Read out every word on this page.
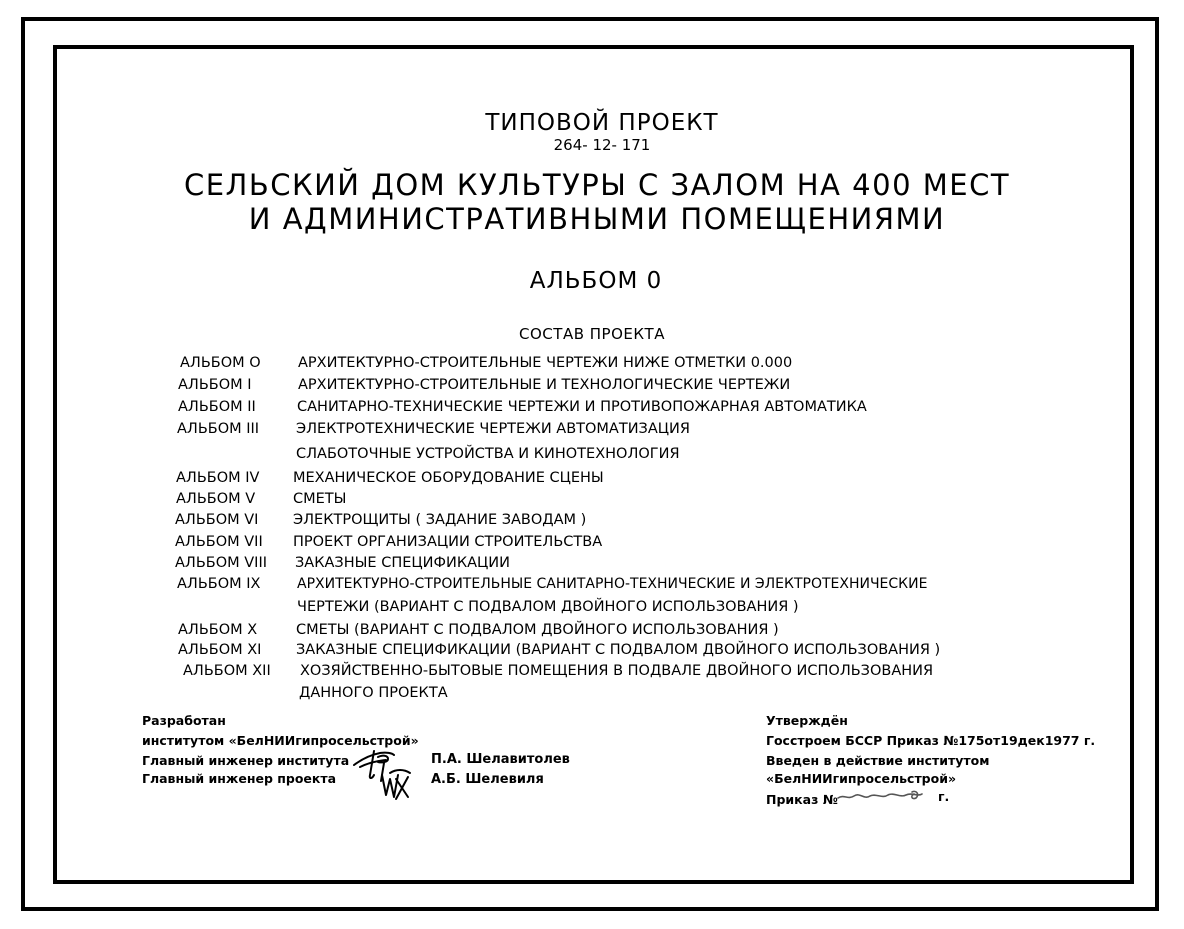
ТИПОВОЙ ПРОЕКТ
264- 12- 171
СЕЛЬСКИЙ ДОМ КУЛЬТУРЫ С ЗАЛОМ НА 400 МЕСТ
И АДМИНИСТРАТИВНЫМИ ПОМЕЩЕНИЯМИ
АЛЬБОМ 0
СОСТАВ ПРОЕКТА
АЛЬБОМ О	АРХИТЕКТУРНО-СТРОИТЕЛЬНЫЕ ЧЕРТЕЖИ НИЖЕ ОТМЕТКИ 0.000
АЛЬБОМ I	АРХИТЕКТУРНО-СТРОИТЕЛЬНЫЕ И ТЕХНОЛОГИЧЕСКИЕ ЧЕРТЕЖИ
АЛЬБОМ II	САНИТАРНО-ТЕХНИЧЕСКИЕ ЧЕРТЕЖИ И ПРОТИВОПОЖАРНАЯ АВТОМАТИКА
АЛЬБОМ III	ЭЛЕКТРОТЕХНИЧЕСКИЕ ЧЕРТЕЖИ АВТОМАТИЗАЦИЯ
СЛАБОТОЧНЫЕ УСТРОЙСТВА И КИНОТЕХНОЛОГИЯ
АЛЬБОМ IV МЕХАНИЧЕСКОЕ ОБОРУДОВАНИЕ СЦЕНЫ
АЛЬБОМ V	СМЕТЫ
АЛЬБОМ VI ЭЛЕКТРОЩИТЫ ( ЗАДАНИЕ ЗАВОДАМ )
АЛЬБОМ VII ПРОЕКТ ОРГАНИЗАЦИИ СТРОИТЕЛЬСТВА
АЛЬБОМ VIII ЗАКАЗНЫЕ СПЕЦИФИКАЦИИ
АЛЬБОМ IX	АРХИТЕКТУРНО-СТРОИТЕЛЬНЫЕ САНИТАРНО-ТЕХНИЧЕСКИЕ И ЭЛЕКТРОТЕХНИЧЕСКИЕ
ЧЕРТЕЖИ (ВАРИАНТ С ПОДВАЛОМ ДВОЙНОГО ИСПОЛЬЗОВАНИЯ )
АЛЬБОМ X	СМЕТЫ (ВАРИАНТ С ПОДВАЛОМ ДВОЙНОГО ИСПОЛЬЗОВАНИЯ )
АЛЬБОМ XI ЗАКАЗНЫЕ СПЕЦИФИКАЦИИ (ВАРИАНТ С ПОДВАЛОМ ДВОЙНОГО ИСПОЛЬЗОВАНИЯ )
АЛЬБОМ XII ХОЗЯЙСТВЕННО-БЫТОВЫЕ ПОМЕЩЕНИЯ В ПОДВАЛЕ ДВОЙНОГО ИСПОЛЬЗОВАНИЯ
ДАННОГО ПРОЕКТА
Разработан
институтом «БелНИИгипросельстрой»
Главный инженер института
Главный инженер проекта
П.А. Шелавитолев
А.Б. Шелевиля
Утверждён
Госстроем БССР Приказ №175от19дек1977 г.
Введен в действие институтом
«БелНИИгипросельстрой»
Приказ №	г.
